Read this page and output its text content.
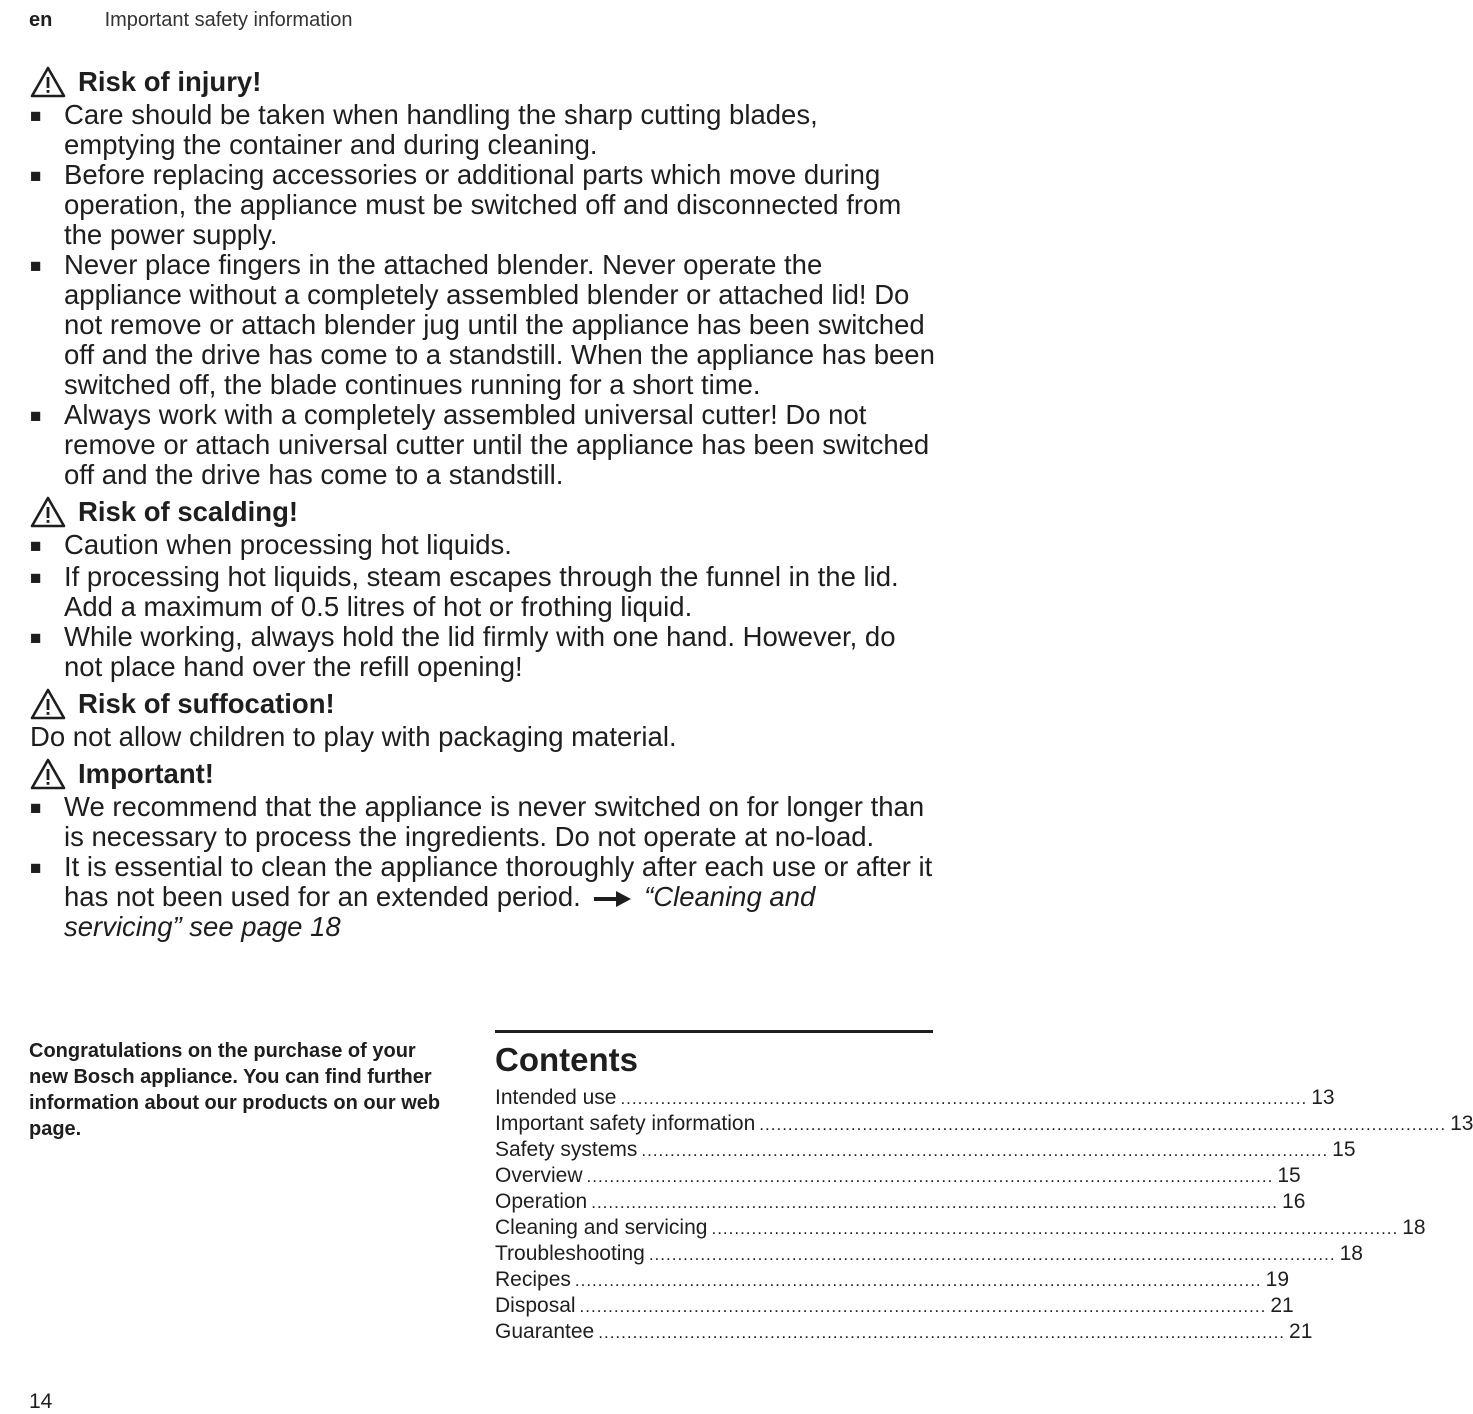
en	Important safety information
Risk of injury!
■ Care should be taken when handling the sharp cutting blades, emptying the container and during cleaning.
■ Before replacing accessories or additional parts which move during operation, the appliance must be switched off and disconnected from the power supply.
■ Never place fingers in the attached blender. Never operate the appliance without a completely assembled blender or attached lid! Do not remove or attach blender jug until the appliance has been switched off and the drive has come to a standstill. When the appliance has been switched off, the blade continues running for a short time.
■ Always work with a completely assembled universal cutter! Do not remove or attach universal cutter until the appliance has been switched off and the drive has come to a standstill.
Risk of scalding!
■ Caution when processing hot liquids.
■ If processing hot liquids, steam escapes through the funnel in the lid. Add a maximum of 0.5 litres of hot or frothing liquid.
■ While working, always hold the lid firmly with one hand. However, do not place hand over the refill opening!
Risk of suffocation!

Do not allow children to play with packaging material.

Important!
■ We recommend that the appliance is never switched on for longer than is necessary to process the ingredients. Do not operate at no-load.
■ It is essential to clean the appliance thoroughly after each use or after it has not been used for an extended period. “Cleaning and servicing” see page 18
Congratulations on the purchase of your new Bosch appliance. You can find further information about our products on our web page.
Contents
Intended use ........................................................................................................................ 13
Important safety information ........................................................................................................................ 13
Safety systems ........................................................................................................................ 15
Overview ........................................................................................................................ 15
Operation ........................................................................................................................ 16
Cleaning and servicing ........................................................................................................................ 18
Troubleshooting ........................................................................................................................ 18
Recipes ........................................................................................................................ 19
Disposal ........................................................................................................................ 21
Guarantee ........................................................................................................................ 21
14
